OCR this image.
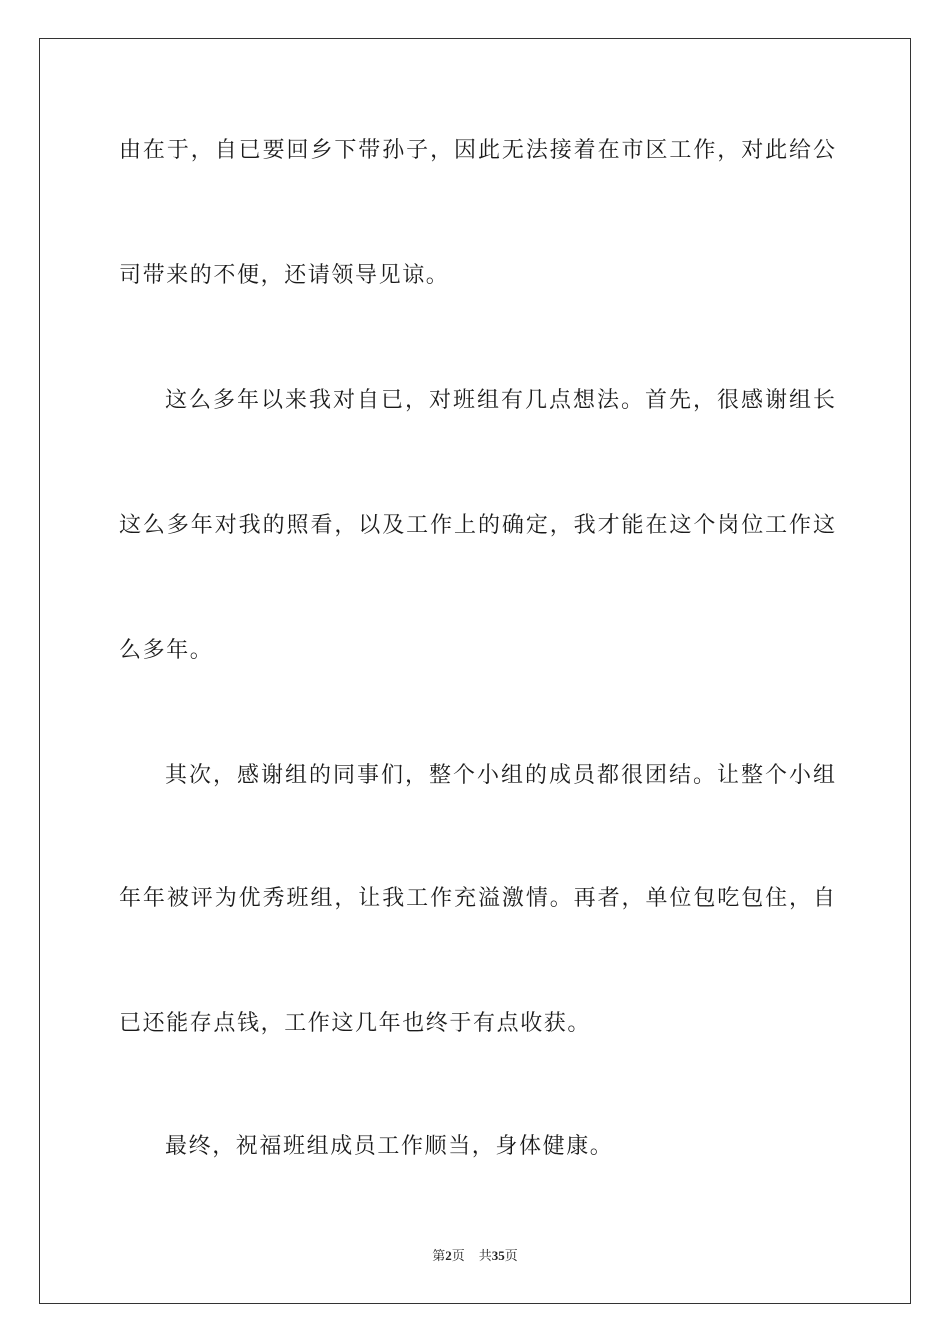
由在于，自已要回乡下带孙子，因此无法接着在市区工作，对此给公
司带来的不便，还请领导见谅。
这么多年以来我对自已，对班组有几点想法。首先，很感谢组长
这么多年对我的照看，以及工作上的确定，我才能在这个岗位工作这
么多年。
其次，感谢组的同事们，整个小组的成员都很团结。让整个小组
年年被评为优秀班组，让我工作充溢激情。再者，单位包吃包住，自
已还能存点钱，工作这几年也终于有点收获。
最终，祝福班组成员工作顺当，身体健康。
第2页 共35页
